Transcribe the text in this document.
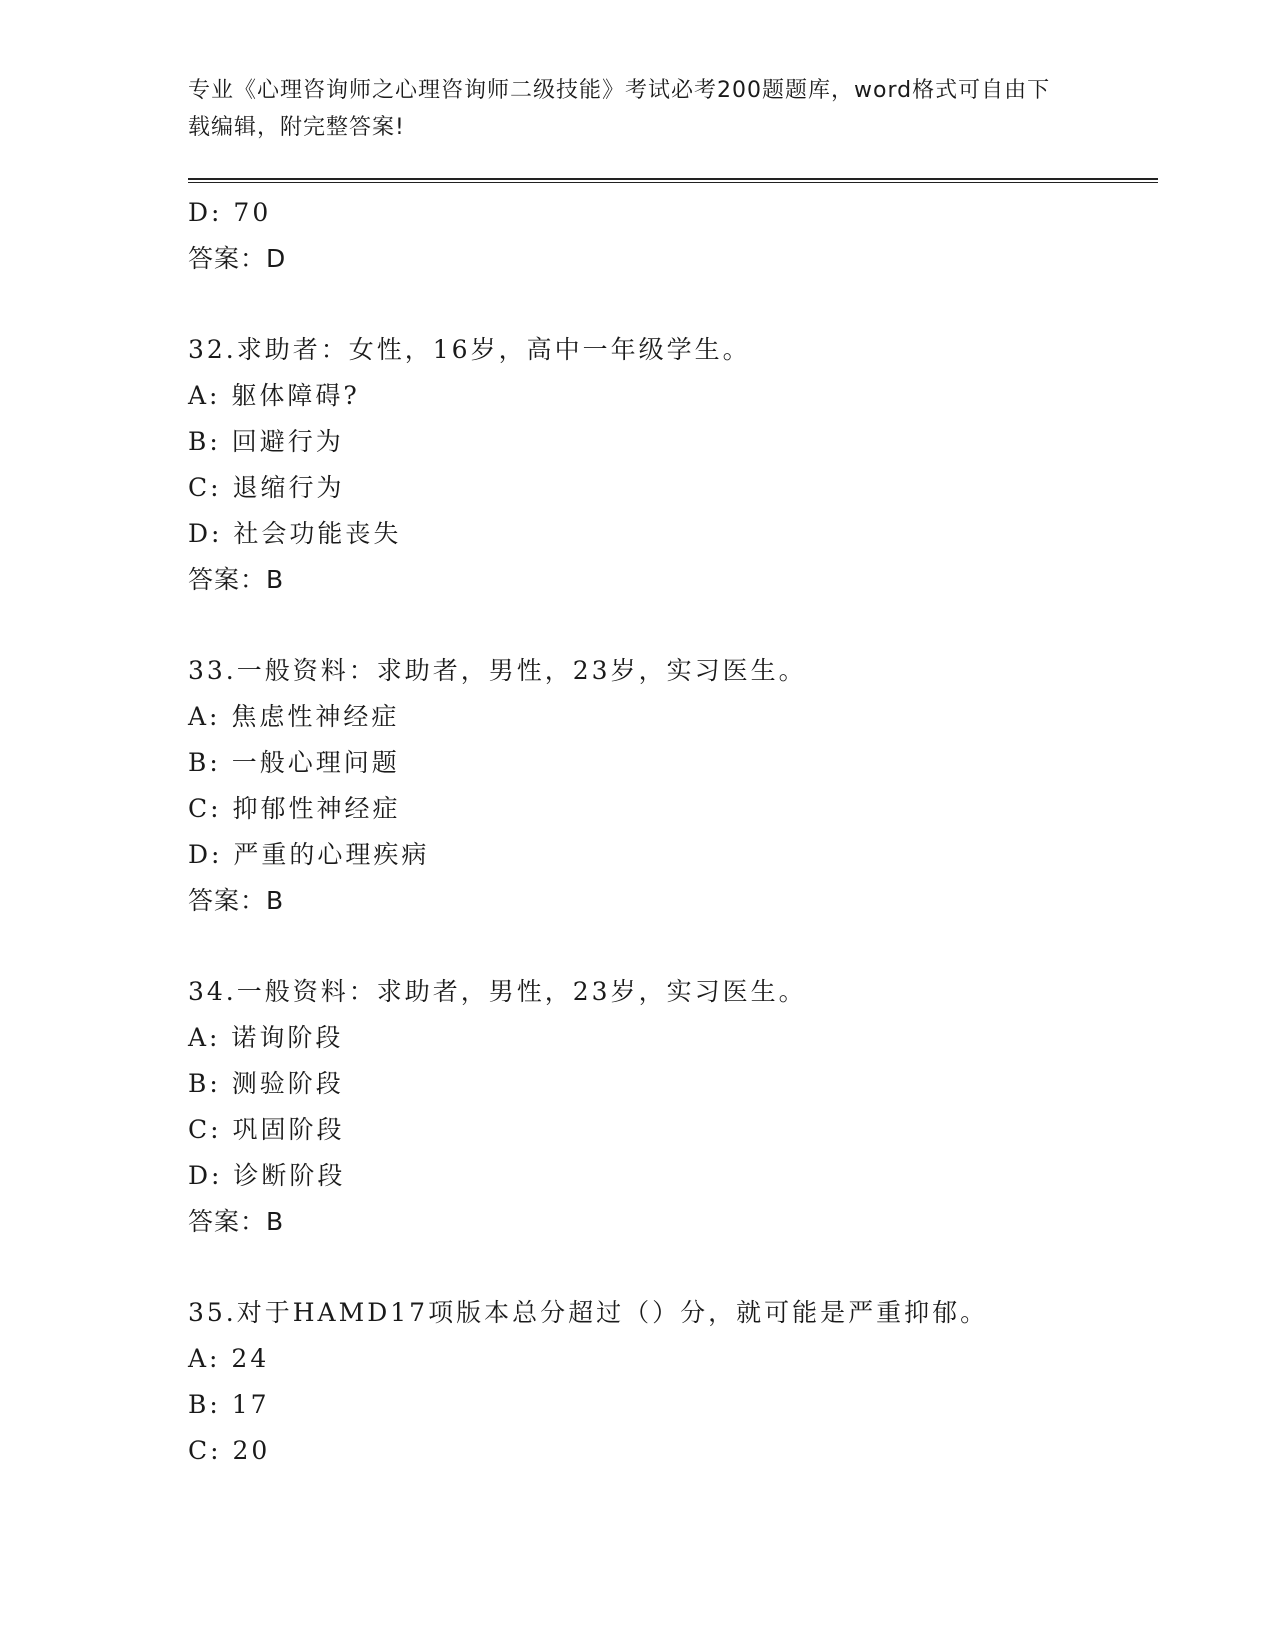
专业《心理咨询师之心理咨询师二级技能》考试必考200题题库，word格式可自由下载编辑，附完整答案!
D: 70
答案：D
32.求助者：女性，16岁，高中一年级学生。
A: 躯体障碍?
B: 回避行为
C: 退缩行为
D: 社会功能丧失
答案：B
33.一般资料：求助者，男性，23岁，实习医生。
A: 焦虑性神经症
B: 一般心理问题
C: 抑郁性神经症
D: 严重的心理疾病
答案：B
34.一般资料：求助者，男性，23岁，实习医生。
A: 诺询阶段
B: 测验阶段
C: 巩固阶段
D: 诊断阶段
答案：B
35.对于HAMD17项版本总分超过（）分，就可能是严重抑郁。
A: 24
B: 17
C: 20
